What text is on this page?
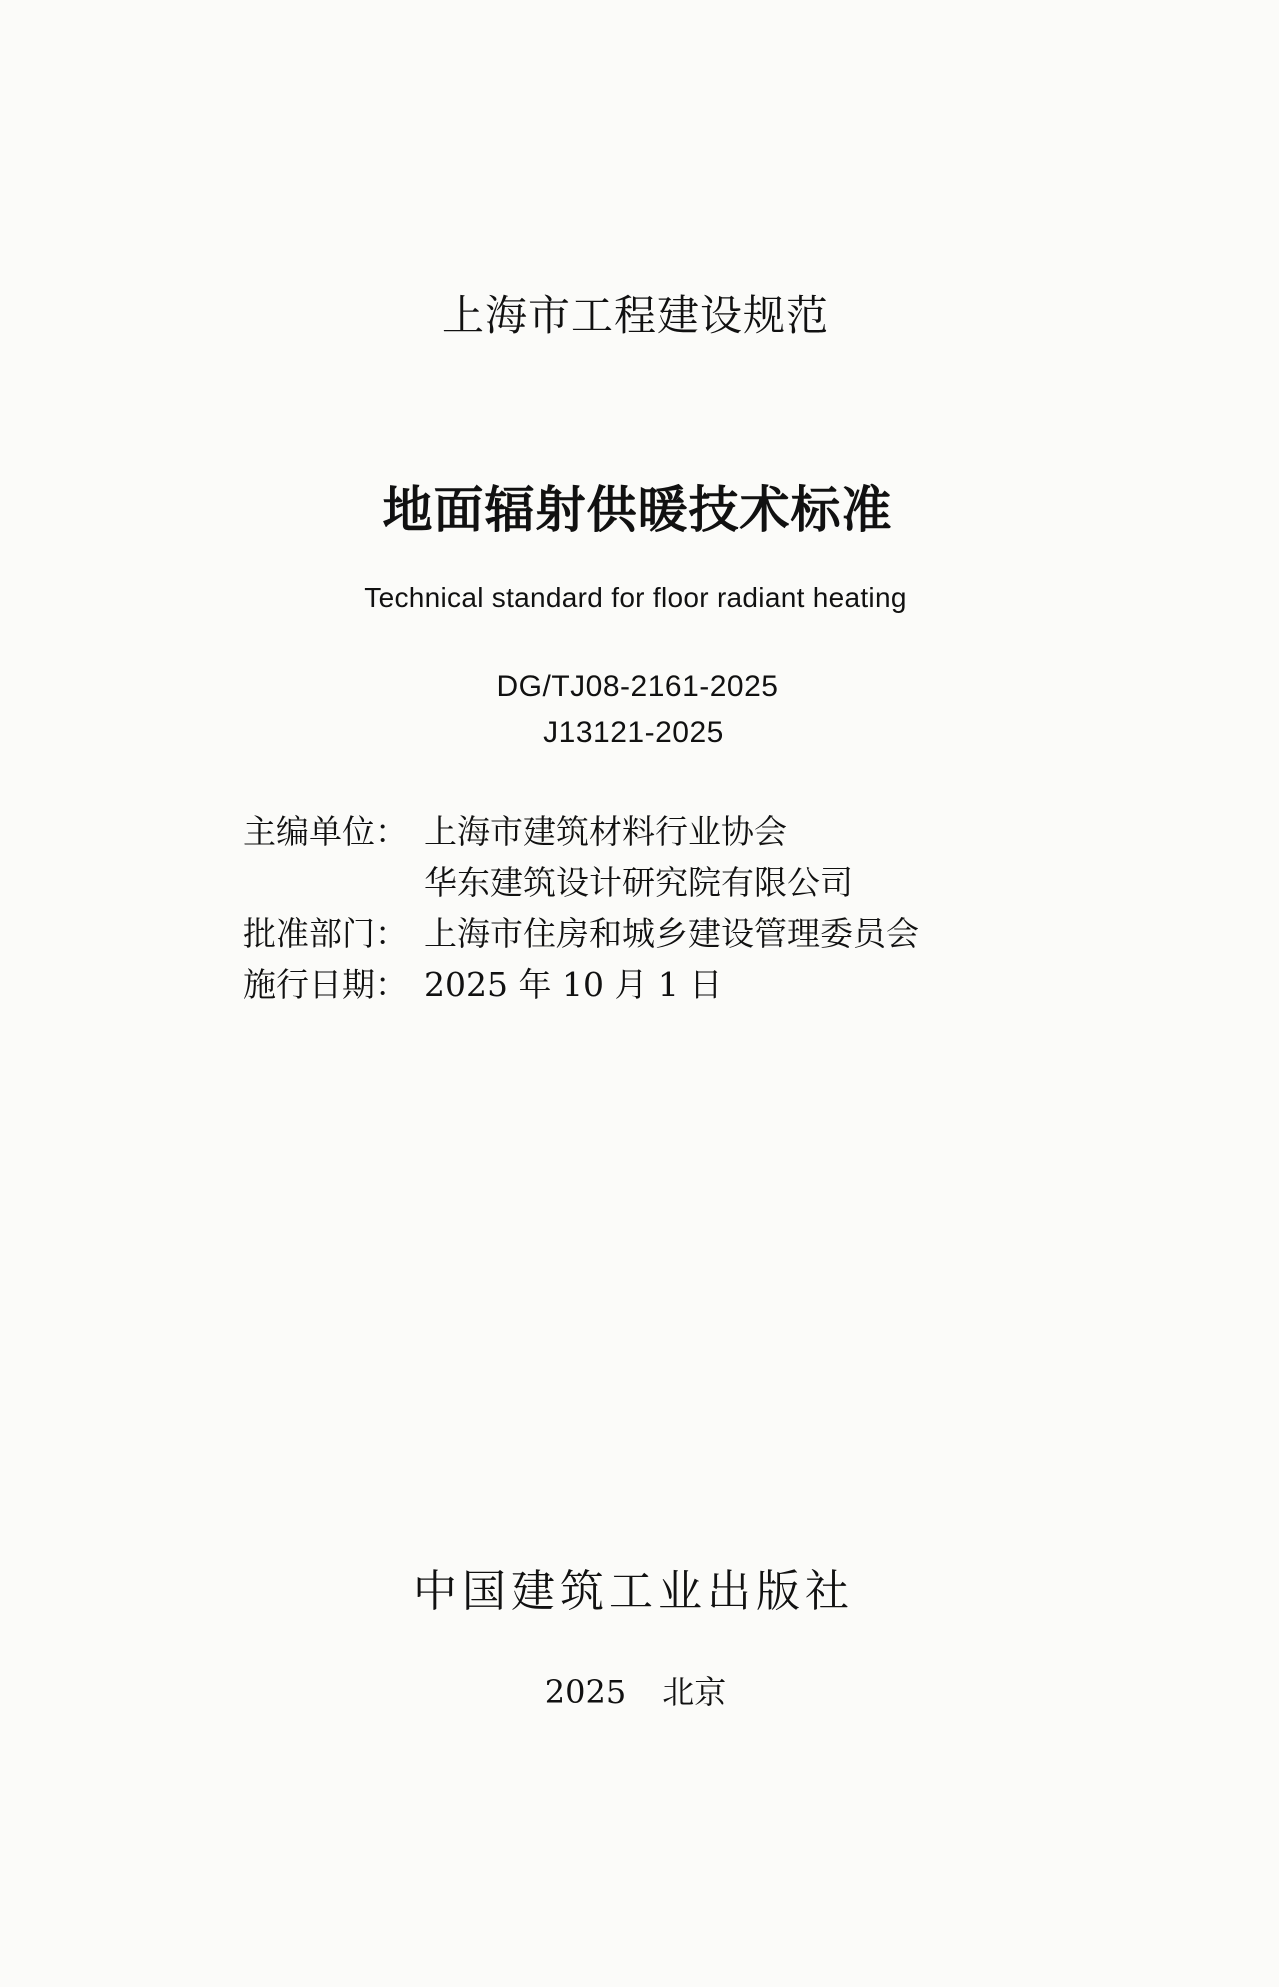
上海市工程建设规范
地面辐射供暖技术标准
Technical standard for floor radiant heating
DG/TJ08-2161-2025
J13121-2025
主编单位： 上海市建筑材料行业协会
华东建筑设计研究院有限公司
批准部门： 上海市住房和城乡建设管理委员会
施行日期： 2025 年 10 月 1 日
中国建筑工业出版社
2025 北京
